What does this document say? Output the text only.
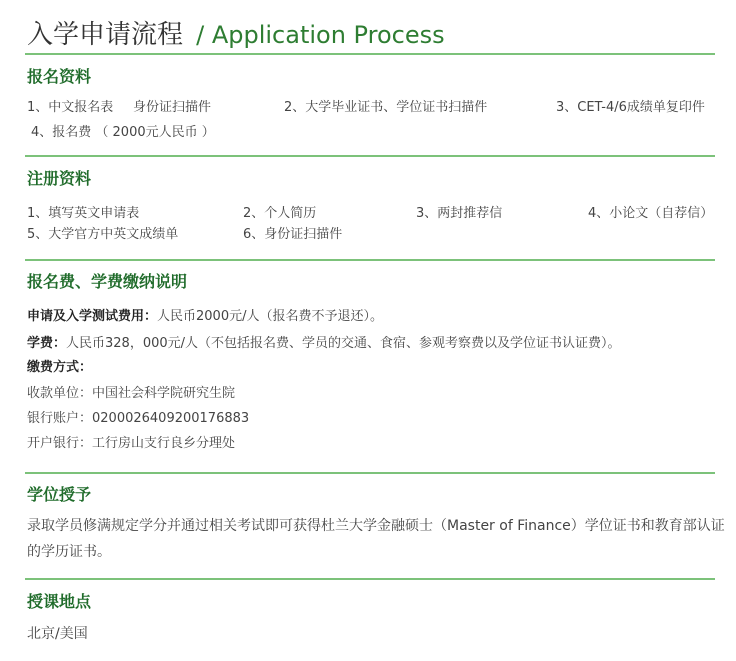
入学申请流程 / Application Process
报名资料
1、中文报名表 身份证扫描件	2、大学毕业证书、学位证书扫描件	3、CET-4/6成绩单复印件
4、报名费 （ 2000元人民币 ）
注册资料
1、填写英文申请表	2、个人简历	3、两封推荐信	4、小论文（自荐信）
5、大学官方中英文成绩单	6、身份证扫描件
报名费、学费缴纳说明
申请及入学测试费用：人民币2000元/人（报名费不予退还）。
学费：人民币328，000元/人（不包括报名费、学员的交通、食宿、参观考察费以及学位证书认证费）。
缴费方式：
收款单位：中国社会科学院研究生院
银行账户：0200026409200176883
开户银行：工行房山支行良乡分理处
学位授予
录取学员修满规定学分并通过相关考试即可获得杜兰大学金融硕士（Master of Finance）学位证书和教育部认证的学历证书。
授课地点
北京/美国
